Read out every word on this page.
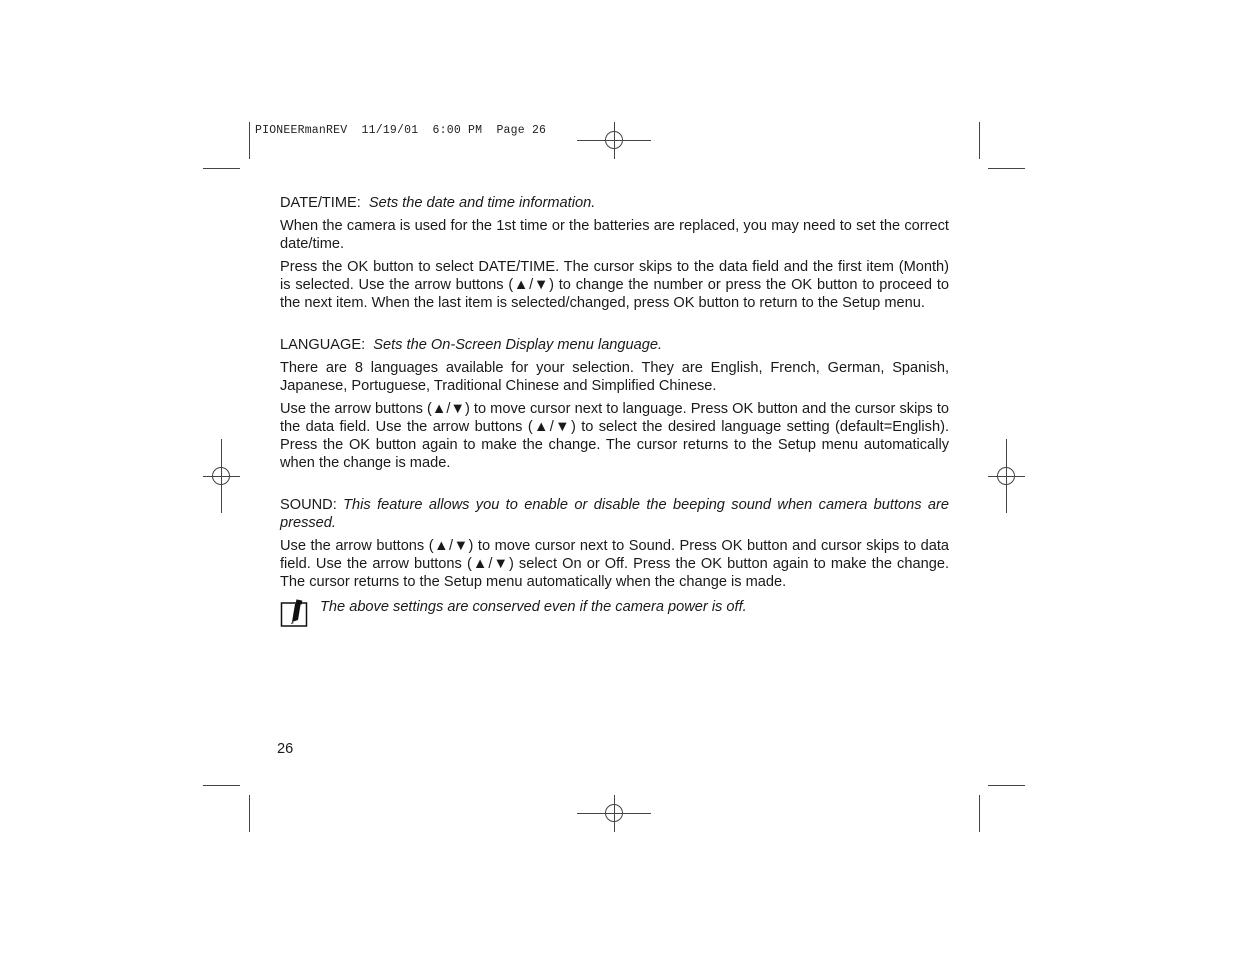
PIONEERmanREV  11/19/01  6:00 PM  Page 26

DATE/TIME: Sets the date and time information.

When the camera is used for the 1st time or the batteries are replaced, you may need to set the correct date/time.

Press the OK button to select DATE/TIME. The cursor skips to the data field and the first item (Month) is selected. Use the arrow buttons (▲/▼) to change the number or press the OK button to proceed to the next item. When the last item is selected/changed, press OK button to return to the Setup menu.

LANGUAGE: Sets the On-Screen Display menu language.

There are 8 languages available for your selection. They are English, French, German, Spanish, Japanese, Portuguese, Traditional Chinese and Simplified Chinese.

Use the arrow buttons (▲/▼) to move cursor next to language. Press OK button and the cursor skips to the data field. Use the arrow buttons (▲/▼) to select the desired language setting (default=English). Press the OK button again to make the change. The cursor returns to the Setup menu automatically when the change is made.

SOUND: This feature allows you to enable or disable the beeping sound when camera buttons are pressed.

Use the arrow buttons (▲/▼) to move cursor next to Sound. Press OK button and cursor skips to data field. Use the arrow buttons (▲/▼) select On or Off. Press the OK button again to make the change. The cursor returns to the Setup menu automatically when the change is made.

The above settings are conserved even if the camera power is off.
26
